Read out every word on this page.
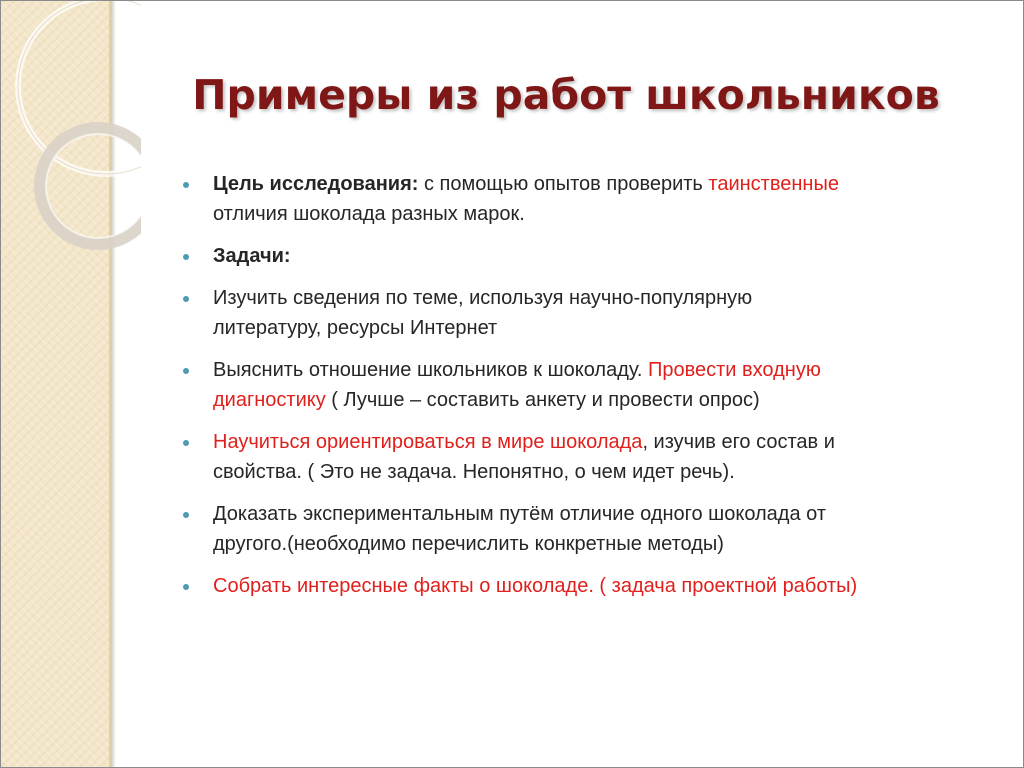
Примеры из работ школьников
Цель исследования: с помощью опытов проверить таинственные
отличия шоколада разных марок.
Задачи:
Изучить сведения по теме, используя научно-популярную
литературу, ресурсы Интернет
Выяснить отношение школьников к шоколаду. Провести входную
диагностику ( Лучше – составить анкету и провести опрос)
Научиться ориентироваться в мире шоколада, изучив его состав и
свойства. ( Это не задача. Непонятно, о чем идет речь).
Доказать экспериментальным путём отличие одного шоколада от
другого.(необходимо перечислить конкретные методы)
Собрать интересные факты о шоколаде. ( задача проектной работы)
